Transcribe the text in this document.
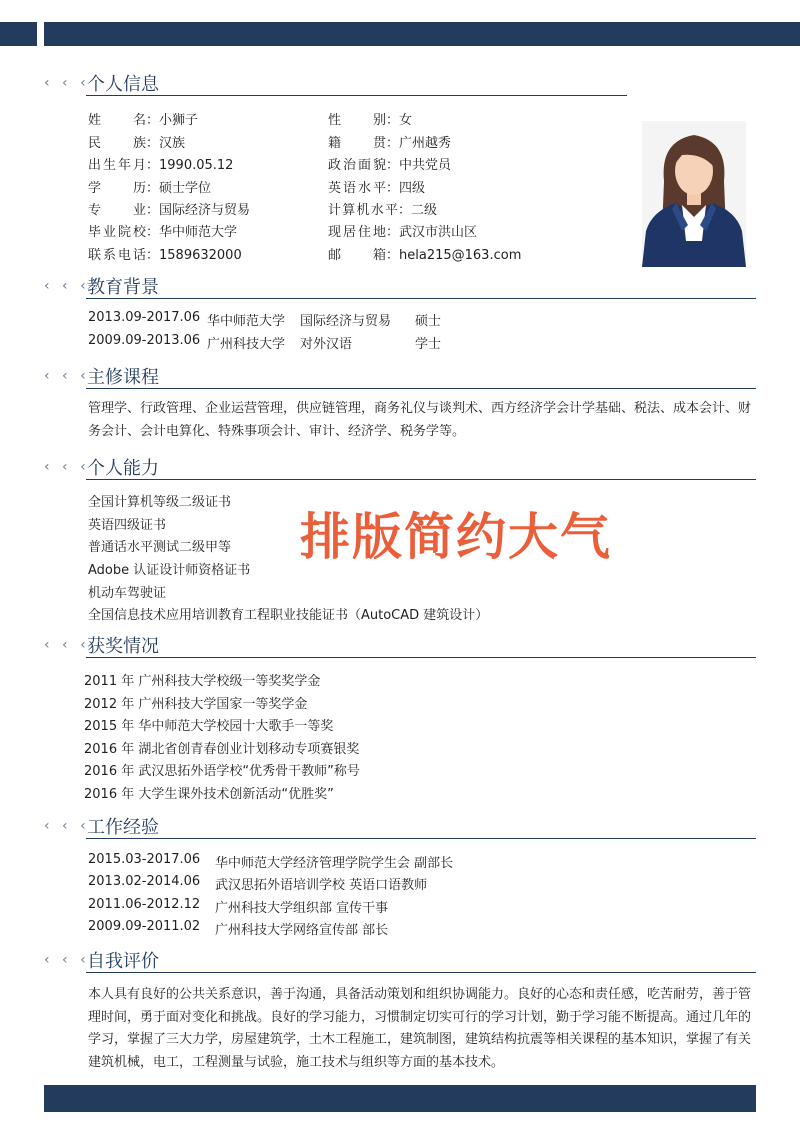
‹ ‹ ‹
个人信息
姓 名：小狮子
民 族：汉族
出生年月：1990.05.12
学 历：硕士学位
专 业：国际经济与贸易
毕业院校：华中师范大学
联系电话：1589632000
性 别：女
籍 贯：广州越秀
政治面貌：中共党员
英语水平：四级
计算机水平：二级
现居住地：武汉市洪山区
邮 箱：hela215@163.com
‹ ‹ ‹
教育背景
2013.09-2017.06 华中师范大学 国际经济与贸易 硕士
2009.09-2013.06 广州科技大学 对外汉语	学士
‹ ‹ ‹
主修课程
管理学、行政管理、企业运营管理，供应链管理，商务礼仪与谈判术、西方经济学会计学基础、税法、成本会计、财务会计、会计电算化、特殊事项会计、审计、经济学、税务学等。
‹ ‹ ‹
个人能力
全国计算机等级二级证书
英语四级证书
普通话水平测试二级甲等
Adobe 认证设计师资格证书
机动车驾驶证
全国信息技术应用培训教育工程职业技能证书（AutoCAD 建筑设计）
排版简约大气
‹ ‹ ‹
获奖情况
2011 年 广州科技大学校级一等奖奖学金
2012 年 广州科技大学国家一等奖学金
2015 年 华中师范大学校园十大歌手一等奖
2016 年 湖北省创青春创业计划移动专项赛银奖
2016 年 武汉思拓外语学校“优秀骨干教师”称号
2016 年 大学生课外技术创新活动“优胜奖”
‹ ‹ ‹
工作经验
2015.03-2017.06 华中师范大学经济管理学院学生会 副部长
2013.02-2014.06 武汉思拓外语培训学校 英语口语教师
2011.06-2012.12 广州科技大学组织部 宣传干事
2009.09-2011.02 广州科技大学网络宣传部 部长
‹ ‹ ‹
自我评价
本人具有良好的公共关系意识，善于沟通，具备活动策划和组织协调能力。良好的心态和责任感，吃苦耐劳，善于管理时间，勇于面对变化和挑战。良好的学习能力，习惯制定切实可行的学习计划，勤于学习能不断提高。通过几年的学习，掌握了三大力学，房屋建筑学，土木工程施工，建筑制图，建筑结构抗震等相关课程的基本知识，掌握了有关建筑机械，电工，工程测量与试验，施工技术与组织等方面的基本技术。
